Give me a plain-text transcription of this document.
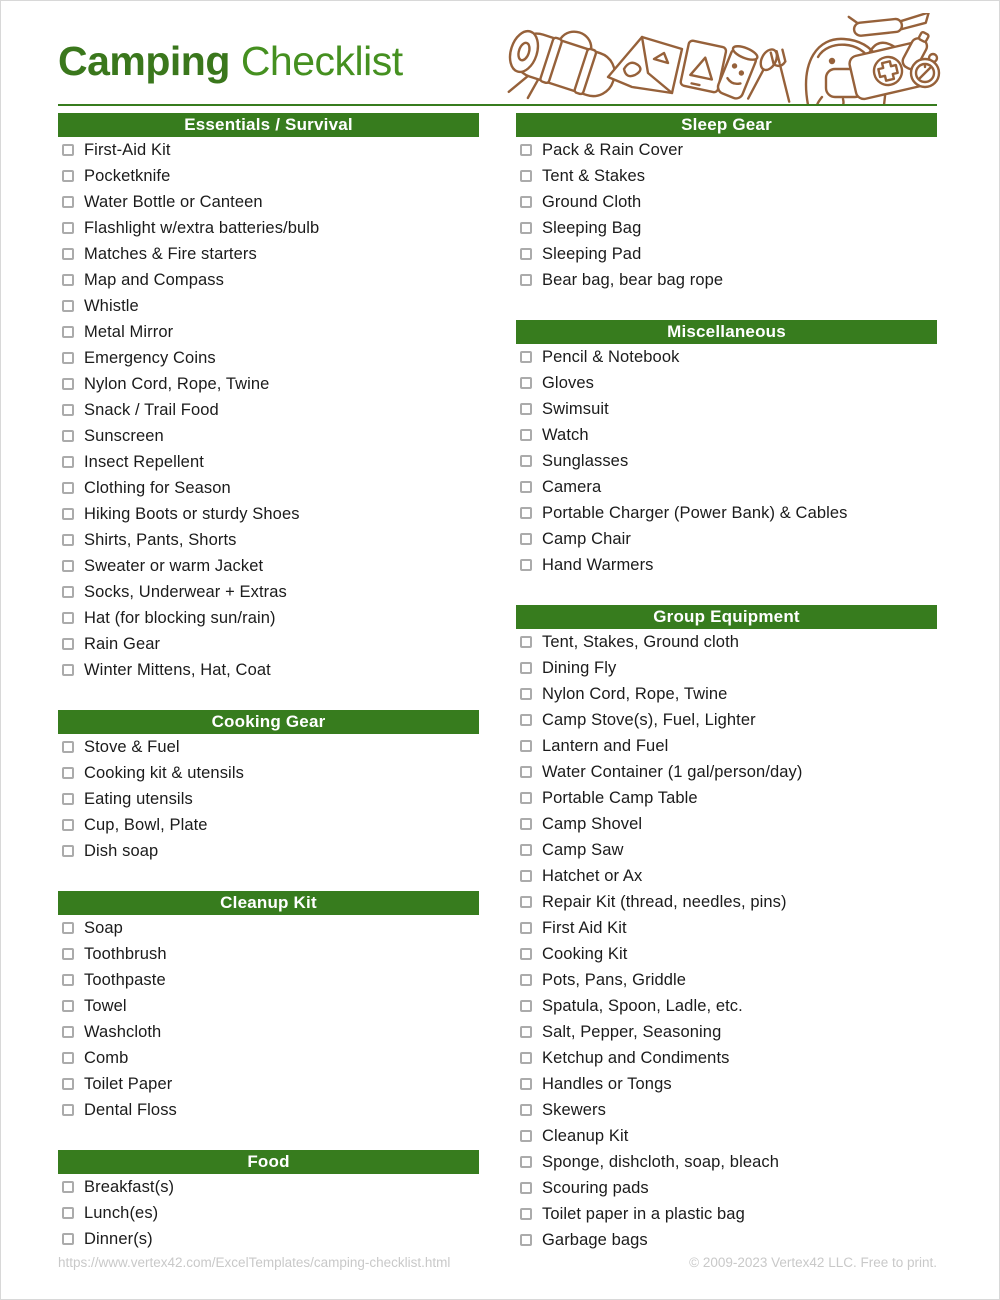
Camping Checklist
Essentials / Survival
First-Aid Kit
Pocketknife
Water Bottle or Canteen
Flashlight w/extra batteries/bulb
Matches & Fire starters
Map and Compass
Whistle
Metal Mirror
Emergency Coins
Nylon Cord, Rope, Twine
Snack / Trail Food
Sunscreen
Insect Repellent
Clothing for Season
Hiking Boots or sturdy Shoes
Shirts, Pants, Shorts
Sweater or warm Jacket
Socks, Underwear + Extras
Hat (for blocking sun/rain)
Rain Gear
Winter Mittens, Hat, Coat
Cooking Gear
Stove & Fuel
Cooking kit & utensils
Eating utensils
Cup, Bowl, Plate
Dish soap
Cleanup Kit
Soap
Toothbrush
Toothpaste
Towel
Washcloth
Comb
Toilet Paper
Dental Floss
Food
Breakfast(s)
Lunch(es)
Dinner(s)
Sleep Gear
Pack & Rain Cover
Tent & Stakes
Ground Cloth
Sleeping Bag
Sleeping Pad
Bear bag, bear bag rope
Miscellaneous
Pencil & Notebook
Gloves
Swimsuit
Watch
Sunglasses
Camera
Portable Charger (Power Bank) & Cables
Camp Chair
Hand Warmers
Group Equipment
Tent, Stakes, Ground cloth
Dining Fly
Nylon Cord, Rope, Twine
Camp Stove(s), Fuel, Lighter
Lantern and Fuel
Water Container (1 gal/person/day)
Portable Camp Table
Camp Shovel
Camp Saw
Hatchet or Ax
Repair Kit (thread, needles, pins)
First Aid Kit
Cooking Kit
Pots, Pans, Griddle
Spatula, Spoon, Ladle, etc.
Salt, Pepper, Seasoning
Ketchup and Condiments
Handles or Tongs
Skewers
Cleanup Kit
Sponge, dishcloth, soap, bleach
Scouring pads
Toilet paper in a plastic bag
Garbage bags
https://www.vertex42.com/ExcelTemplates/camping-checklist.html	© 2009-2023 Vertex42 LLC. Free to print.
